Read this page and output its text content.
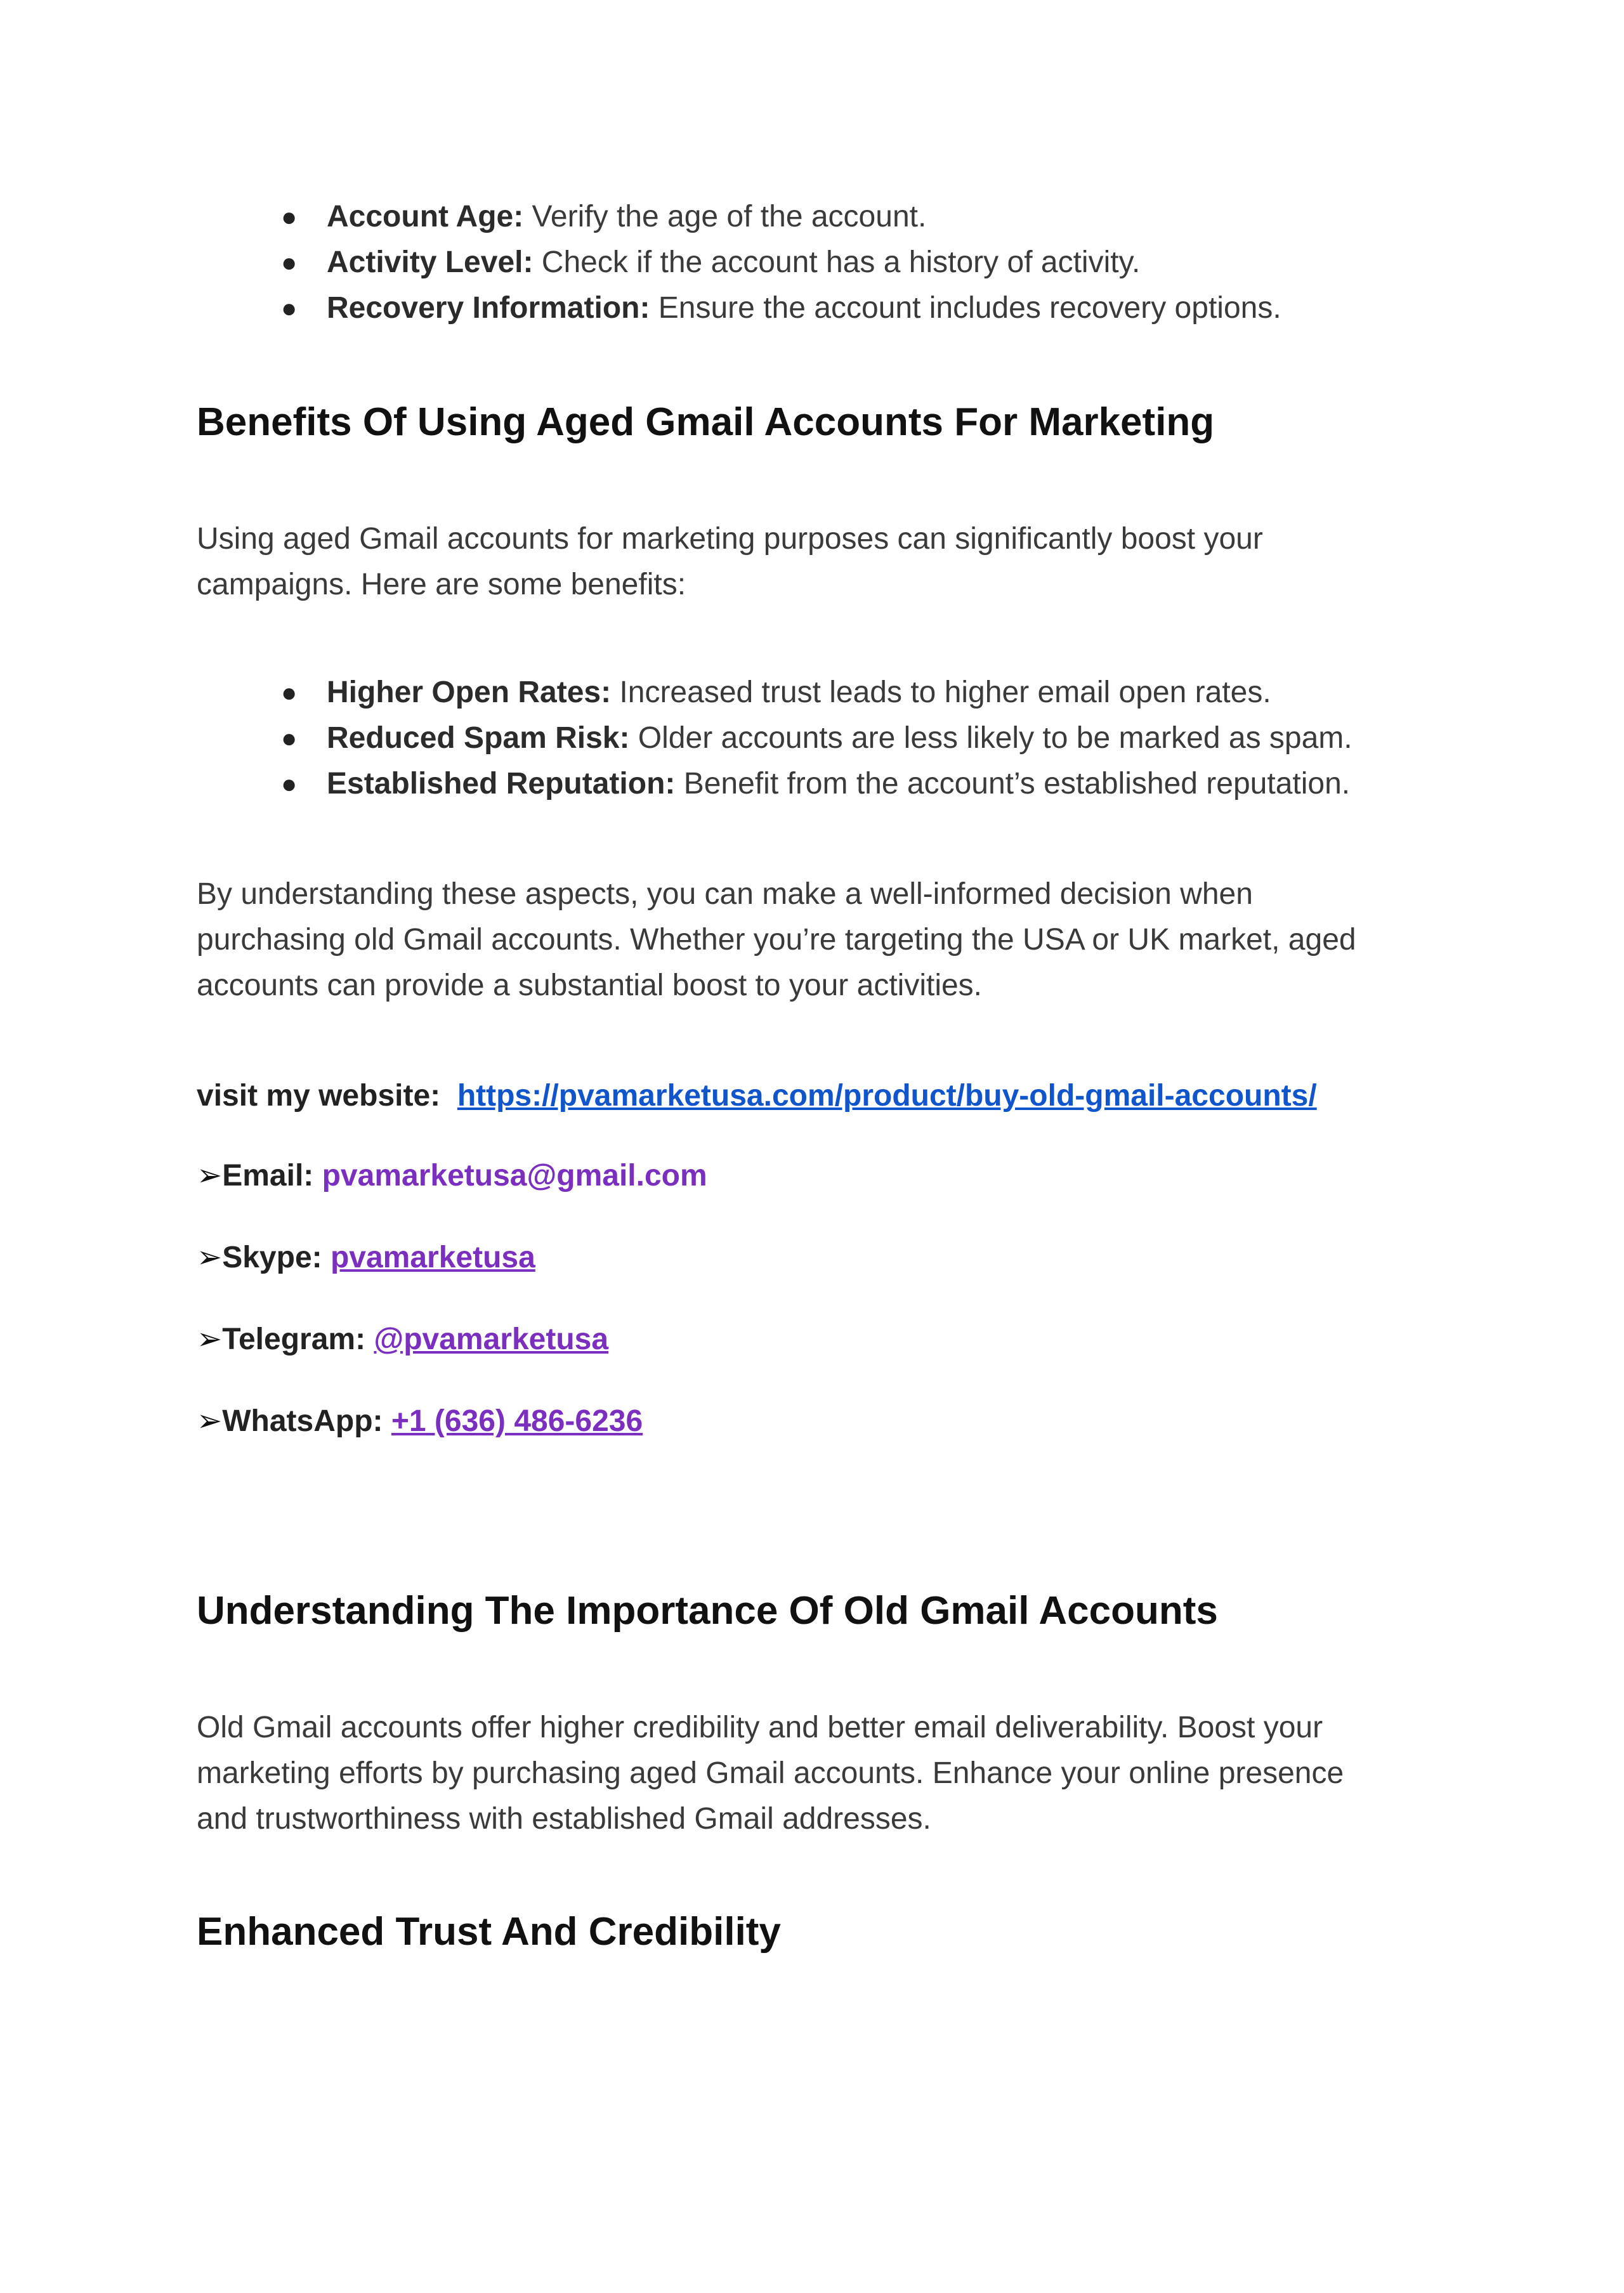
● Account Age: Verify the age of the account.
● Activity Level: Check if the account has a history of activity.
● Recovery Information: Ensure the account includes recovery options.
Benefits Of Using Aged Gmail Accounts For Marketing
Using aged Gmail accounts for marketing purposes can significantly boost your
campaigns. Here are some benefits:
● Higher Open Rates: Increased trust leads to higher email open rates.
● Reduced Spam Risk: Older accounts are less likely to be marked as spam.
● Established Reputation: Benefit from the account’s established reputation.
By understanding these aspects, you can make a well-informed decision when
purchasing old Gmail accounts. Whether you’re targeting the USA or UK market, aged
accounts can provide a substantial boost to your activities.
visit my website: https://pvamarketusa.com/product/buy-old-gmail-accounts/
➢Email: pvamarketusa@gmail.com
➢Skype: pvamarketusa
➢Telegram: @pvamarketusa
➢WhatsApp: +1 (636) 486-6236
Understanding The Importance Of Old Gmail Accounts
Old Gmail accounts offer higher credibility and better email deliverability. Boost your
marketing efforts by purchasing aged Gmail accounts. Enhance your online presence
and trustworthiness with established Gmail addresses.
Enhanced Trust And Credibility
